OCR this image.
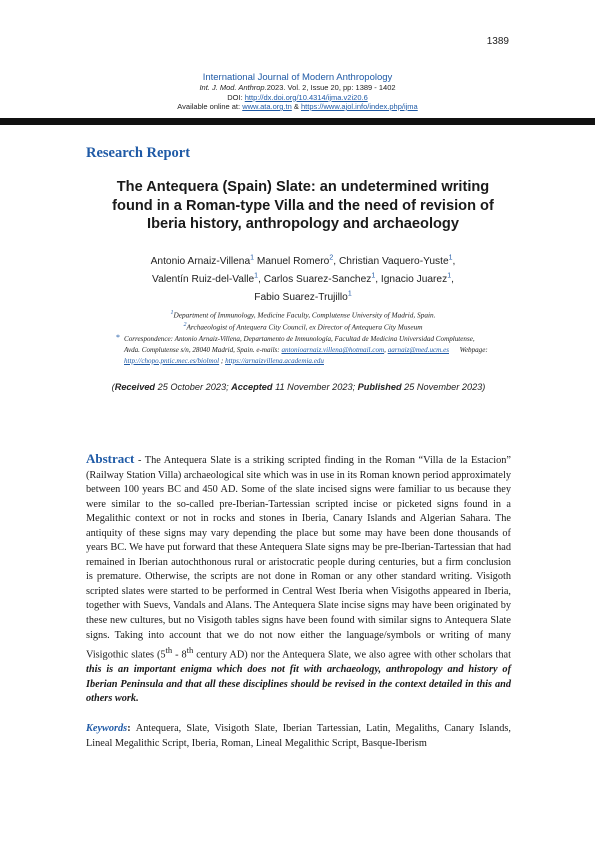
1389
International Journal of Modern Anthropology
Int. J. Mod. Anthrop.2023. Vol. 2, Issue 20, pp: 1389 - 1402
DOI: http://dx.doi.org/10.4314/ijma.v2i20.6
Available online at: www.ata.org.tn & https://www.ajol.info/index.php/ijma
Research Report
The Antequera (Spain) Slate: an undetermined writing found in a Roman-type Villa and the need of revision of Iberia history, anthropology and archaeology
Antonio Arnaiz-Villena$^1$ Manuel Romero$^2$, Christian Vaquero-Yuste$^1$,
Valentín Ruiz-del-Valle$^1$, Carlos Suarez-Sanchez$^1$, Ignacio Juarez$^1$,
Fabio Suarez-Trujillo$^1$
$^1$Department of Immunology, Medicine Faculty, Complutense University of Madrid, Spain.
$^2$Archaeologist of Antequera City Council, ex Director of Antequera City Museum
* Correspondence: Antonio Arnaiz-Villena, Departamento de Inmunología, Facultad de Medicina Universidad Complutense, Avda. Complutense s/n, 28040 Madrid, Spain. e-mails: antonioarnaiz.villena@hotmail.com, aarnaiz@med.ucm.es Webpage: http://chopo.pntic.mec.es/biolmol ; https://arnaizvillena.academia.edu
(Received 25 October 2023; Accepted 11 November 2023; Published 25 November 2023)
Abstract - The Antequera Slate is a striking scripted finding in the Roman “Villa de la Estacion” (Railway Station Villa) archaeological site which was in use in its Roman known period approximately between 100 years BC and 450 AD. Some of the slate incised signs were familiar to us because they were similar to the so-called pre-Iberian-Tartessian scripted incise or picketed signs found in a Megalithic context or not in rocks and stones in Iberia, Canary Islands and Algerian Sahara. The antiquity of these signs may vary depending the place but some may have been done thousands of years BC. We have put forward that these Antequera Slate signs may be pre-Iberian-Tartessian that had remained in Iberian autochthonous rural or aristocratic people during centuries, but a firm conclusion is premature. Otherwise, the scripts are not done in Roman or any other standard writing. Visigoth scripted slates were started to be performed in Central West Iberia when Visigoths appeared in Iberia, together with Suevs, Vandals and Alans. The Antequera Slate incise signs may have been originated by these new cultures, but no Visigoth tables signs have been found with similar signs to Antequera Slate signs. Taking into account that we do not now either the language/symbols or writing of many Visigothic slates (5th - 8th century AD) nor the Antequera Slate, we also agree with other scholars that this is an important enigma which does not fit with archaeology, anthropology and history of Iberian Peninsula and that all these disciplines should be revised in the context detailed in this and others work.
Keywords: Antequera, Slate, Visigoth Slate, Iberian Tartessian, Latin, Megaliths, Canary Islands, Lineal Megalithic Script, Iberia, Roman, Lineal Megalithic Script, Basque-Iberism
